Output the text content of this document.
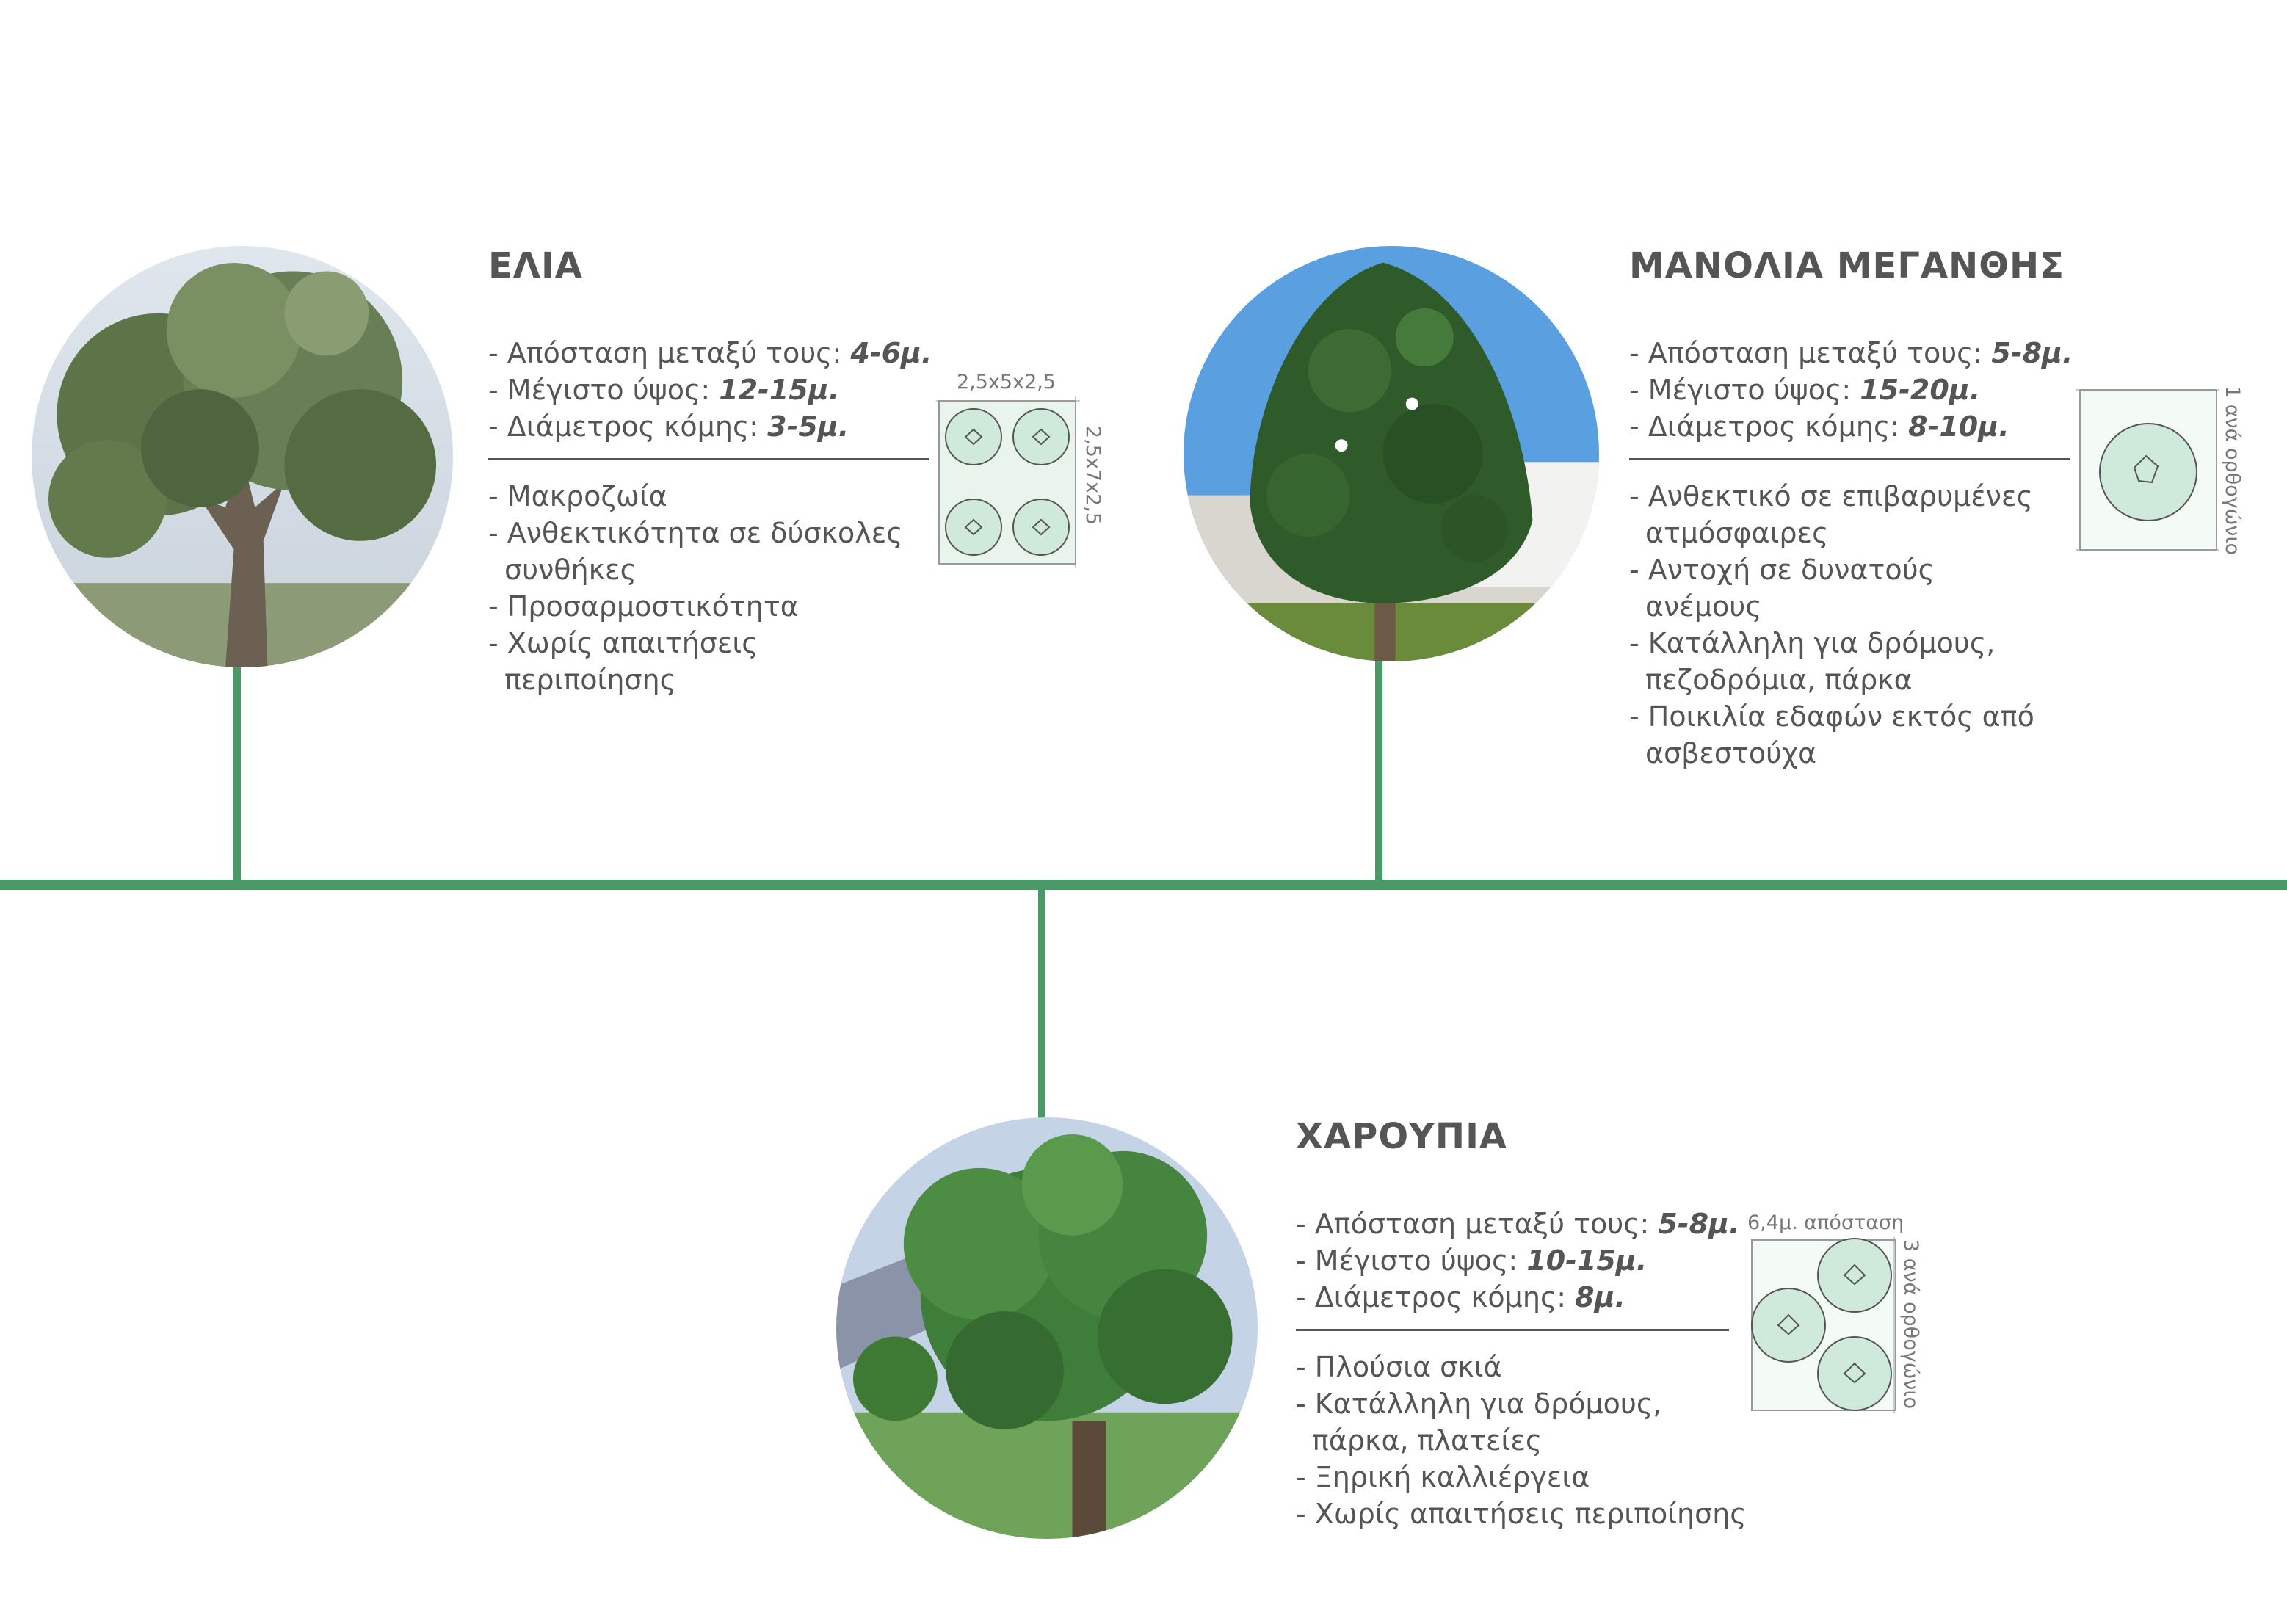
ΕΛΙΑ
- Απόσταση μεταξύ τους: 4-6μ.
- Μέγιστο ύψος: 12-15μ.
- Διάμετρος κόμης: 3-5μ.
- Μακροζωία
- Ανθεκτικότητα σε δύσκολες συνθήκες
- Προσαρμοστικότητα
- Χωρίς απαιτήσεις περιποίησης
2,5x5x2,5
2,5x7x2,5
ΜΑΝΟΛΙΑ ΜΕΓΑΝΘΗΣ
- Απόσταση μεταξύ τους: 5-8μ.
- Μέγιστο ύψος: 15-20μ.
- Διάμετρος κόμης: 8-10μ.
- Ανθεκτικό σε επιβαρυμένες ατμόσφαιρες
- Αντοχή σε δυνατούς ανέμους
- Κατάλληλη για δρόμους, πεζοδρόμια, πάρκα
- Ποικιλία εδαφών εκτός από ασβεστούχα
1 ανά ορθογώνιο
ΧΑΡΟΥΠΙΑ
- Απόσταση μεταξύ τους: 5-8μ.
- Μέγιστο ύψος: 10-15μ.
- Διάμετρος κόμης: 8μ.
- Πλούσια σκιά
- Κατάλληλη για δρόμους, πάρκα, πλατείες
- Ξηρική καλλιέργεια
- Χωρίς απαιτήσεις περιποίησης
6,4μ. απόσταση
3 ανά ορθογώνιο
